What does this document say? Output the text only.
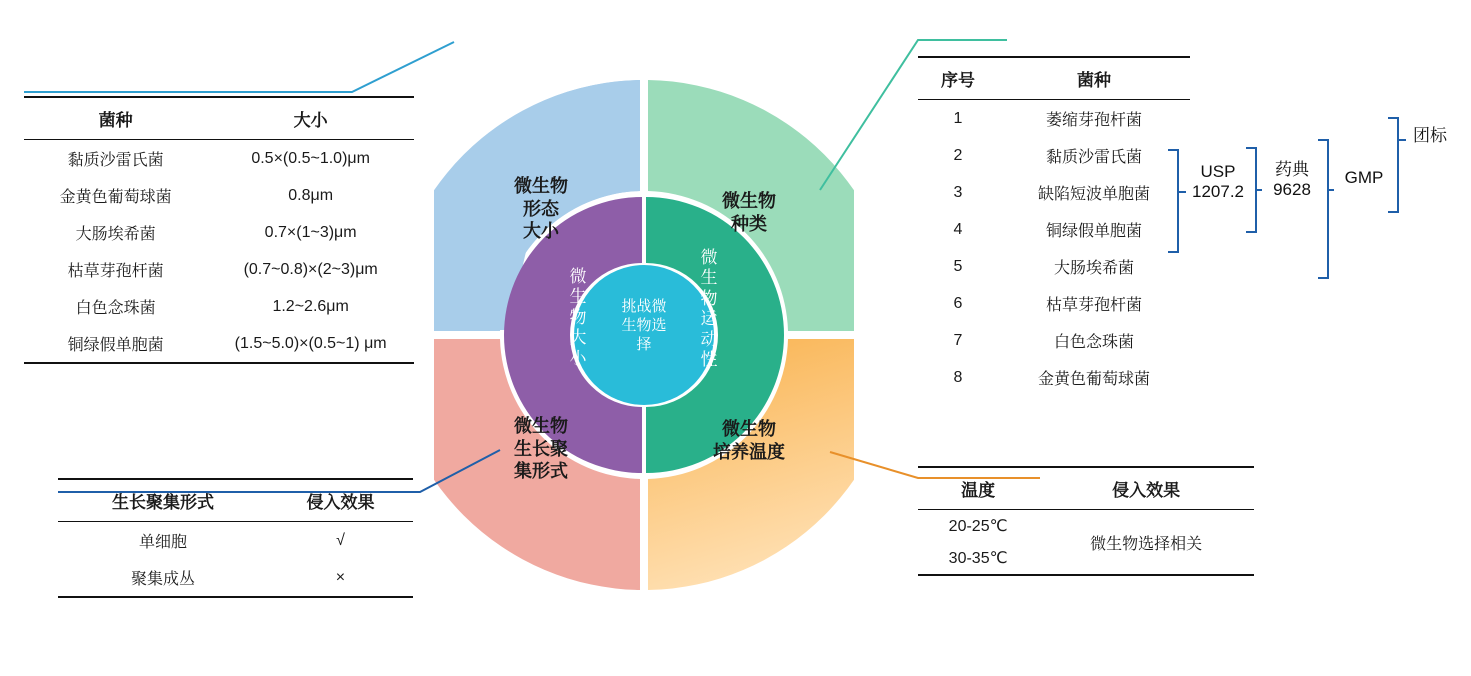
微生物
形态
大小
微生物
种类
微生物
生长聚
集形式
微生物
培养温度
微
生
物
大
小
微
生
物
运
动
性
挑战微
生物选
择
菌种	大小
黏质沙雷氏菌	0.5×(0.5~1.0)μm
金黄色葡萄球菌	0.8μm
大肠埃希菌	0.7×(1~3)μm
枯草芽孢杆菌	(0.7~0.8)×(2~3)μm
白色念珠菌	1.2~2.6μm
铜绿假单胞菌	(1.5~5.0)×(0.5~1) μm
生长聚集形式	侵入效果
单细胞	√
聚集成丛	×
序号	菌种
1	萎缩芽孢杆菌
2	黏质沙雷氏菌
3	缺陷短波单胞菌
4	铜绿假单胞菌
5	大肠埃希菌
6	枯草芽孢杆菌
7	白色念珠菌
8	金黄色葡萄球菌
温度	侵入效果
20-25℃	微生物选择相关
30-35℃	
USP
1207.2
药典
9628
GMP
团标
